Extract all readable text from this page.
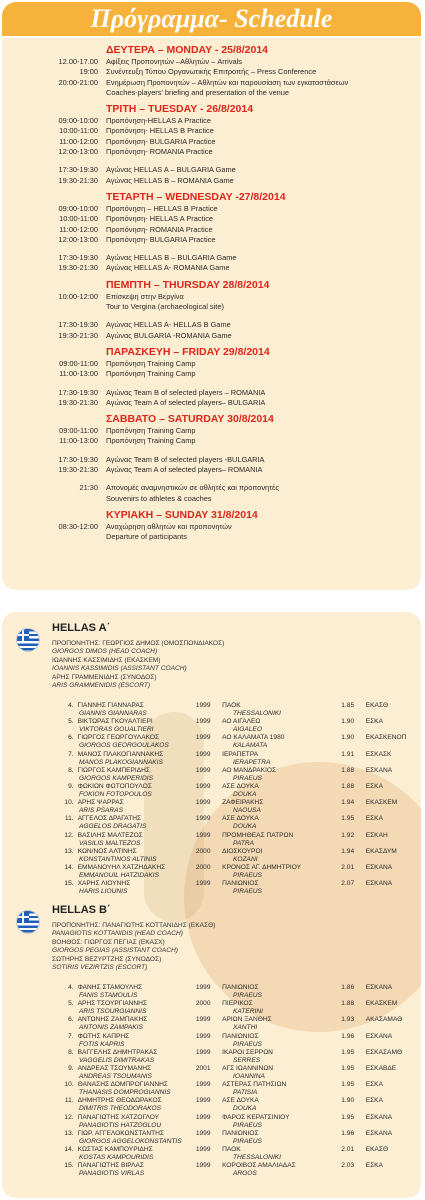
Πρόγραμμα- Schedule
ΔΕΥΤΕΡΑ – MONDAY - 25/8/2014
12.00-17.00	Αφίξεις Προπονητών –Αθλητών – Arrivals
19:00	Συνέντευξη Τύπου Οργανωτικής Επιτροπής – Press Conference
20:00-21:00	Ενημέρωση Προπονητών – Αθλητών και παρουσίαση των εγκαταστάσεων
Coaches-players' briefing and presentation of the venue
ΤΡΙΤΗ – TUESDAY - 26/8/2014
09:00-10:00	Προπόνηση-HELLAS A Practice
10:00-11:00	Προπόνηση- HELLAS B Practice
11:00-12:00	Προπόνηση- BULGARIA Practice
12:00-13:00	Προπόνηση- ROMANIA Practice
17:30-19:30	Αγώνας HELLAS A – BULGARIA Game
19:30-21:30	Αγώνας HELLAS B – ROMANIA Game
ΤΕΤΑΡΤΗ – WEDNESDAY -27/8/2014
09:00-10:00	Προπόνηση – HELLAS B Practice
10:00-11:00	Προπόνηση- HELLAS A Practice
11:00-12:00	Προπόνηση- ROMANIA Practice
12:00-13:00	Προπόνηση- BULGARIA Practice
17:30-19:30	Αγώνας HELLAS B – BULGARIA Game
19:30-21:30	Αγώνας HELLAS A- ROMANIA Game
ΠΕΜΠΤΗ – THURSDAY 28/8/2014
10:00-12:00	Επίσκεψη στην Βεργίνα
Tour to Vergina (archaeological site)
17:30-19:30	Αγώνας HELLAS A- HELLAS B Game
19:30-21:30	Αγώνας BULGARIA -ROMANIA Game
ΠΑΡΑΣΚΕΥΗ – FRIDAY 29/8/2014
09:00-11:00	Προπόνηση Training Camp
11:00-13:00	Προπόνηση Training Camp
17:30-19:30	Αγώνας Team B of selected players – ROMANIA
19:30-21:30	Αγώνας Team A of selected players– BULGARIA
ΣΑΒΒΑΤΟ – SATURDAY 30/8/2014
09:00-11:00	Προπόνηση Training Camp
11:00-13:00	Προπόνηση Training Camp
17:30-19:30	Αγώνας Team B of selected players -BULGARIA
19:30-21:30	Αγώνας Team A of selected players– ROMANIA
21:30	Απονομές αναμνηστικών σε αθλητές και προπονητές
Souvenirs to athletes & coaches
ΚΥΡΙΑΚΗ – SUNDAY 31/8/2014
08:30-12:00	Αναχώρηση αθλητών και προπονητών
Departure of participants
HELLAS A΄
ΠΡΟΠΟΝΗΤΗΣ: ΓΕΩΡΓΙΟΣ ΔΗΜΟΣ (ΟΜΟΣΠΟΝΔΙΑΚΟΣ)
GIORGOS DIMOS (HEAD COACH)
ΙΩΑΝΝΗΣ ΚΑΣΣΙΜΙΔΗΣ (ΕΚΑΣΚΕΜ)
IOANNIS KASSIMIDIS (ASSISTANT COACH)
ΑΡΗΣ ΓΡΑΜΜΕΝΙΔΗΣ (ΣΥΝΟΔΟΣ)
ARIS GRAMMENIDIS (ESCORT)
4. ΓΙΑΝΝΗΣ ΓΙΑΝΝΑΡΑΣ	1999	ΠΑΟΚ	1.85	ΕΚΑΣΘ
GIANNIS GIANNARAS	THESSALONIKI
5. ΒΙΚΤΩΡΑΣ ΓΚΟΥΑΛΤΙΕΡΙ	1999	ΑΟ ΑΙΓΑΛΕΩ	1.90	ΕΣΚΑ
VIKTORAS GOUALTIERI	AIGALEO
6. ΓΙΩΡΓΟΣ ΓΕΩΡΓΟΥΛΑΚΟΣ	1999	ΑΟ ΚΑΛΑΜΑΤΑ 1980	1.90	ΕΚΑΣΚΕΝΟΠ
GIORGOS GEORGOULAKOS	KALAMATA
7. ΜΑΝΟΣ ΠΛΑΚΟΓΙΑΝΝΑΚΗΣ	1999	ΙΕΡΑΠΕΤΡΑ	1.91	ΕΣΚΑΣΚ
MANOS PLAKOGIANNAKIS	IERAPETRA
8. ΓΙΩΡΓΟΣ ΚΑΜΠΕΡΙΔΗΣ	1999	ΑΟ ΜΑΝΔΡΑΚΙΟΣ	1.88	ΕΣΚΑΝΑ
GIORGOS KAMPERIDIS	PIRAEUS
9. ΦΩΚΙΩΝ ΦΩΤΟΠΟΥΛΟΣ	1999	ΑΣΕ ΔΟΥΚΑ	1.88	ΕΣΚΑ
FOKION FOTOPOULOS	DOUKA
10. ΑΡΗΣ ΨΑΡΡΑΣ	1999	ΖΑΦΕΙΡΑΚΗΣ	1.94	ΕΚΑΣΚΕΜ
ARIS PSARAS	NAOUSA
11. ΑΓΓΕΛΟΣ ΔΡΑΓΑΤΗΣ	1999	ΑΣΕ ΔΟΥΚΑ	1.95	ΕΣΚΑ
AGGELOS DRAGATIS	DOUKA
12. ΒΑΣΙΛΗΣ ΜΑΛΤΕΖΟΣ	1999	ΠΡΟΜΗΘΕΑΣ ΠΑΤΡΩΝ	1.92	ΕΣΚΑΗ
VASILIS MALTEZOS	PATRA
13. ΚΩΝ/ΝΟΣ ΑΛΤΙΝΗΣ	2000	ΔΙΟΣΚΟΥΡΟΙ	1.94	ΕΚΑΣΔΥΜ
KONSTANTINOS ALTINIS	KOZANI
14. ΕΜΜΑΝΟΥΗΛ ΧΑΤΖΗΔΑΚΗΣ	2000	ΚΡΟΝΟΣ ΑΓ. ΔΗΜΗΤΡΙΟΥ	2.01	ΕΣΚΑΝΑ
EMMANOUIL HATZIDAKIS	PIRAEUS
15. ΧΑΡΗΣ ΛΙΟΥΝΗΣ	1999	ΠΑΝΙΩΝΙΟΣ	2.07	ΕΣΚΑΝΑ
HARIS LIOUNIS	PIRAEUS
HELLAS B΄
ΠΡΟΠΟΝΗΤΗΣ: ΠΑΝΑΓΙΩΤΗΣ ΚΟΤΤΑΝΙΔΗΣ (ΕΚΑΣΘ)
PANAGIOTIS KOTTANIDIS (HEAD COACH)
ΒΟΗΘΟΣ: ΓΙΩΡΓΟΣ ΠΕΓΙΑΣ (ΕΚΑΣΧ)
GIORGOS PEGIAS (ASSISTANT COACH)
ΣΩΤΗΡΗΣ ΒΕΖΥΡΤΖΗΣ (ΣΥΝΟΔΟΣ)
SOTIRIS VEZIRTZIS (ESCORT)
4. ΦΑΝΗΣ ΣΤΑΜΟΥΛΗΣ	1999	ΠΑΝΙΩΝΙΟΣ	1.86	ΕΣΚΑΝΑ
FANIS STAMOULIS	PIRAEUS
5. ΑΡΗΣ ΤΣΟΥΡΓΙΑΝΝΗΣ	2000	ΠΙΕΡΙΚΟΣ	1.88	ΕΚΑΣΚΕΜ
ARIS TSOURGIANNIS	KATERINI
6. ΑΝΤΩΝΗΣ ΖΑΜΠΑΚΗΣ	1999	ΑΡΙΩΝ ΞΑΝΘΗΣ	1.93	ΑΚΑΣΑΜΑΘ
ANTONIS ZAMPAKIS	XANTHI
7. ΦΩΤΗΣ ΚΑΠΡΗΣ	1999	ΠΑΝΙΩΝΙΟΣ	1.96	ΕΣΚΑΝΑ
FOTIS KAPRIS	PIRAEUS
8. ΒΑΓΓΕΛΗΣ ΔΗΜΗΤΡΑΚΑΣ	1999	ΙΚΑΡΟΙ ΣΕΡΡΩΝ	1.95	ΕΣΚΑΣΑΜΘ
VAGGELIS DIMITRAKAS	SERRES
9. ΑΝΔΡΕΑΣ ΤΣΟΥΜΑΝΗΣ	2001	ΑΓΣ ΙΩΑΝΝΙΝΩΝ	1.95	ΕΣΚΑΒΔΕ
ANDREAS TSOUMANIS	IOANNINA
10. ΘΑΝΑΣΗΣ ΔΟΜΠΡΟΓΙΑΝΝΗΣ	1999	ΑΣΤΕΡΑΣ ΠΑΤΗΣΙΩΝ	1.95	ΕΣΚΑ
THANASIS DOMPROGIANNIS	PATISIA
11. ΔΗΜΗΤΡΗΣ ΘΕΟΔΩΡΑΚΟΣ	1999	ΑΣΕ ΔΟΥΚΑ	1.90	ΕΣΚΑ
DIMITRIS THEODORAKOS	DOUKA
12. ΠΑΝΑΓΙΩΤΗΣ ΧΑΤΖΟΓΛΟΥ	1999	ΦΑΡΟΣ ΚΕΡΑΤΣΙΝΙΟΥ	1.95	ΕΣΚΑΝΑ
PANAGIOTIS HATZOGLOU	PIRAEUS
13. ΓΙΩΡ. ΑΓΓΕΛΟΚΩΝΣΤΑΝΤΗΣ	1999	ΠΑΝΙΩΝΙΟΣ	1.96	ΕΣΚΑΝΑ
GIORGOS AGGELOKONSTANTIS	PIRAEUS
14. ΚΩΣΤΑΣ ΚΑΜΠΟΥΡΙΔΗΣ	1999	ΠΑΟΚ	2.01	ΕΚΑΣΘ
KOSTAS KAMPOURIDIS	THESSALONIKI
15. ΠΑΝΑΓΙΩΤΗΣ ΒΙΡΛΑΣ	1999	ΚΟΡΟΙΒΟΣ ΑΜΑΛΙΑΔΑΣ	2.03	ΕΣΚΑ
PANAGIOTIS VIRLAS	ARGOS
